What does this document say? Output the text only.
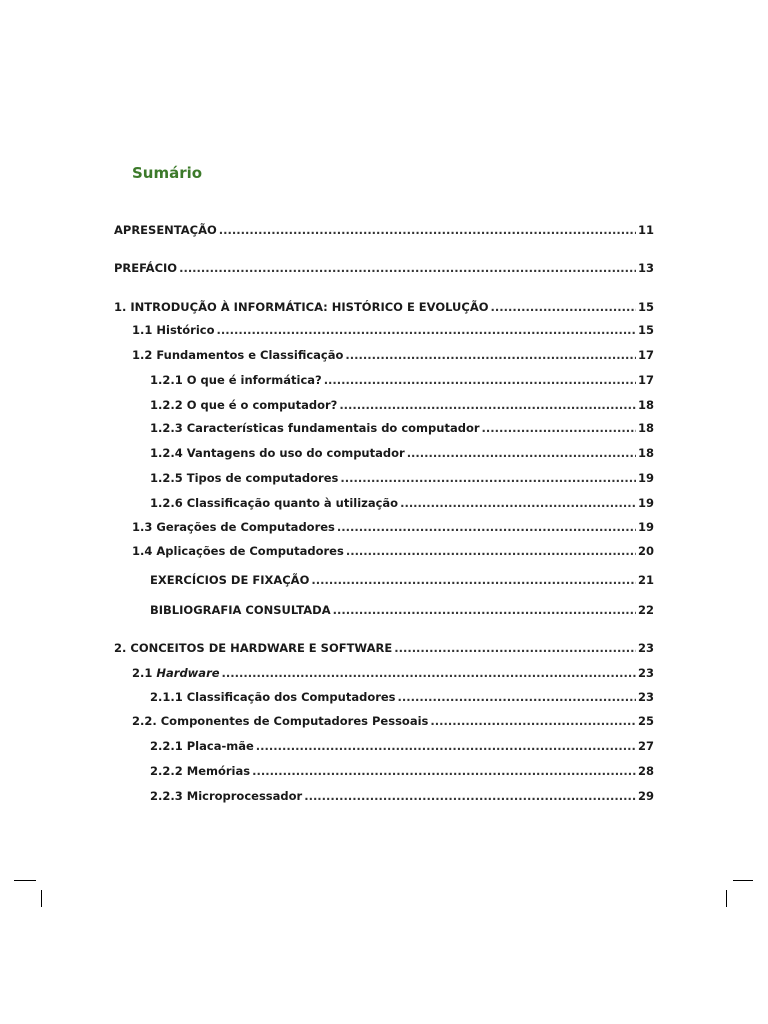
Sumário
APRESENTAÇÃO .....	11
PREFÁCIO .....	13
1. INTRODUÇÃO À INFORMÁTICA: HISTÓRICO E EVOLUÇÃO .....	15
1.1 Histórico .....	15
1.2 Fundamentos e Classificação .....	17
1.2.1 O que é informática? .....	17
1.2.2 O que é o computador? .....	18
1.2.3 Características fundamentais do computador .....	18
1.2.4 Vantagens do uso do computador .....	18
1.2.5 Tipos de computadores .....	19
1.2.6 Classificação quanto à utilização .....	19
1.3 Gerações de Computadores .....	19
1.4 Aplicações de Computadores .....	20
EXERCÍCIOS DE FIXAÇÃO .....	21
BIBLIOGRAFIA CONSULTADA .....	22
2. CONCEITOS DE HARDWARE E SOFTWARE .....	23
2.1 Hardware .....	23
2.1.1 Classificação dos Computadores .....	23
2.2. Componentes de Computadores Pessoais .....	25
2.2.1 Placa-mãe .....	27
2.2.2 Memórias .....	28
2.2.3 Microprocessador .....	29
